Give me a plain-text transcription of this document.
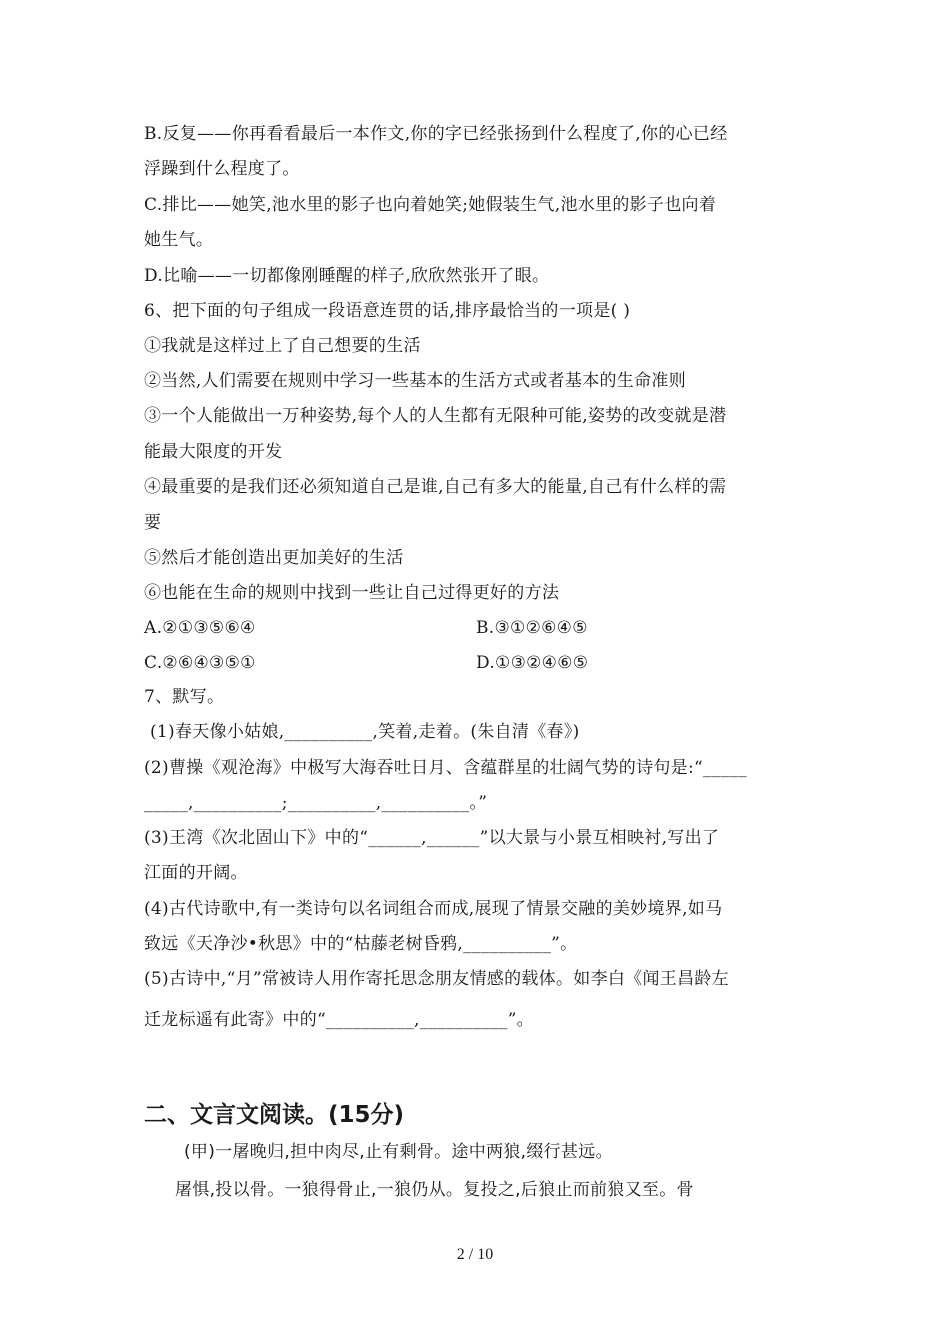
B.反复——你再看看最后一本作文,你的字已经张扬到什么程度了,你的心已经
浮躁到什么程度了。
C.排比——她笑,池水里的影子也向着她笑;她假装生气,池水里的影子也向着
她生气。
D.比喻——一切都像刚睡醒的样子,欣欣然张开了眼。
6、把下面的句子组成一段语意连贯的话,排序最恰当的一项是( )
①我就是这样过上了自己想要的生活
②当然,人们需要在规则中学习一些基本的生活方式或者基本的生命准则
③一个人能做出一万种姿势,每个人的人生都有无限种可能,姿势的改变就是潜
能最大限度的开发
④最重要的是我们还必须知道自己是谁,自己有多大的能量,自己有什么样的需
要
⑤然后才能创造出更加美好的生活
⑥也能在生命的规则中找到一些让自己过得更好的方法
A.②①③⑤⑥④	B.③①②⑥④⑤
C.②⑥④③⑤①	D.①③②④⑥⑤
7、默写。
(1)春天像小姑娘,__________,笑着,走着。(朱自清《春》)
(2)曹操《观沧海》中极写大海吞吐日月、含蕴群星的壮阔气势的诗句是:“_____
_____,__________;__________,__________。”
(3)王湾《次北固山下》中的“______,______”以大景与小景互相映衬,写出了
江面的开阔。
(4)古代诗歌中,有一类诗句以名词组合而成,展现了情景交融的美妙境界,如马
致远《天净沙•秋思》中的“枯藤老树昏鸦,__________”。
(5)古诗中,“月”常被诗人用作寄托思念朋友情感的载体。如李白《闻王昌龄左
迁龙标遥有此寄》中的“__________,__________”。
二、文言文阅读。(15分)
(甲)一屠晚归,担中肉尽,止有剩骨。途中两狼,缀行甚远。
屠惧,投以骨。一狼得骨止,一狼仍从。复投之,后狼止而前狼又至。骨
2 / 10
